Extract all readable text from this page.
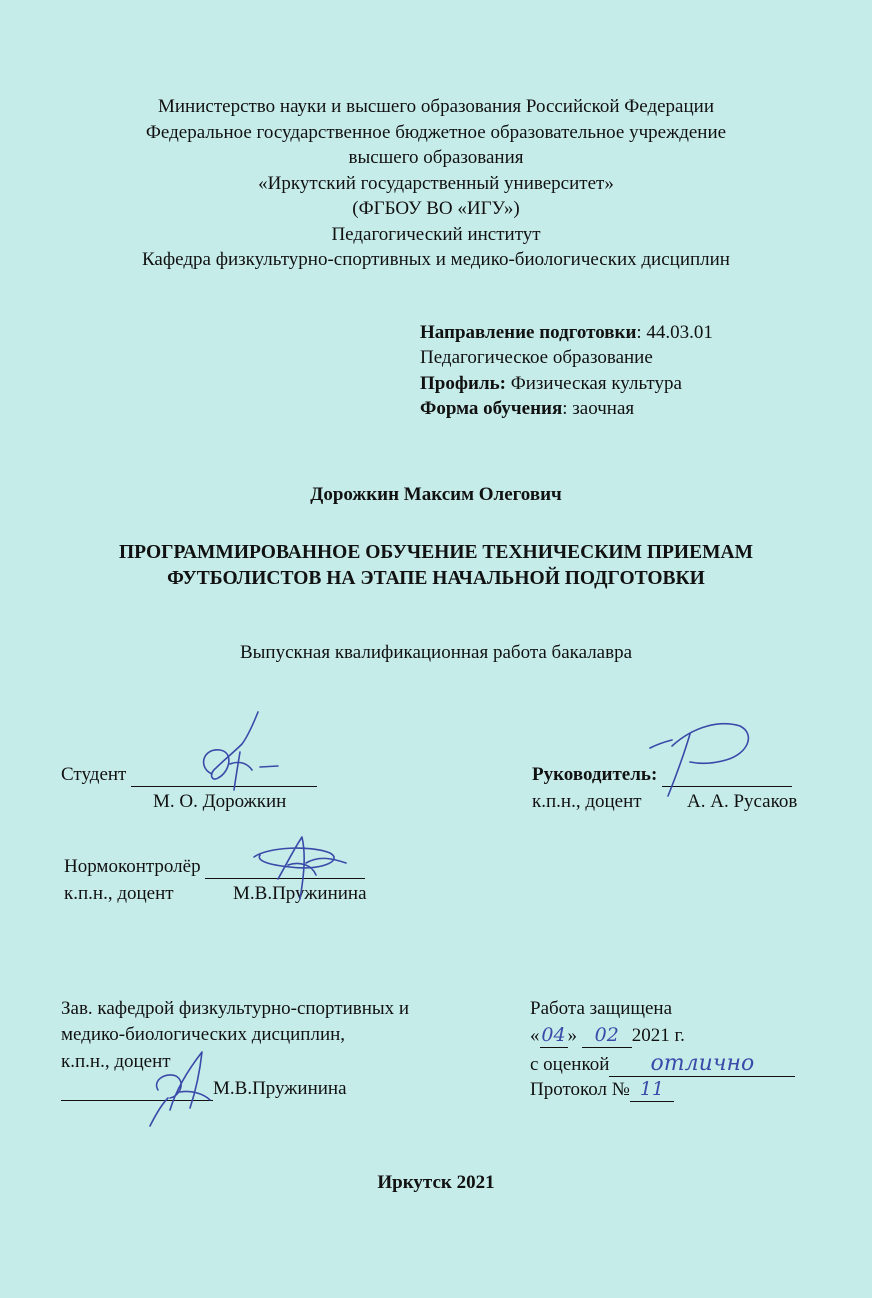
Министерство науки и высшего образования Российской Федерации
Федеральное государственное бюджетное образовательное учреждение
высшего образования
«Иркутский государственный университет»
(ФГБОУ ВО «ИГУ»)
Педагогический институт
Кафедра физкультурно-спортивных и медико-биологических дисциплин
Направление подготовки: 44.03.01
Педагогическое образование
Профиль: Физическая культура
Форма обучения: заочная
Дорожкин Максим Олегович
ПРОГРАММИРОВАННОЕ ОБУЧЕНИЕ ТЕХНИЧЕСКИМ ПРИЕМАМ
ФУТБОЛИСТОВ НА ЭТАПЕ НАЧАЛЬНОЙ ПОДГОТОВКИ
Выпускная квалификационная работа бакалавра
Студент
М. О. Дорожкин
Руководитель:
к.п.н., доцент А. А. Русаков
Нормоконтролёр
к.п.н., доцент	М.В.Пружинина
Зав. кафедрой физкультурно-спортивных и
медико-биологических дисциплин,
к.п.н., доцент
М.В.Пружинина
Работа защищена
« 04 » 02 2021 г.
с оценкой отлично
Протокол № 11
Иркутск 2021
